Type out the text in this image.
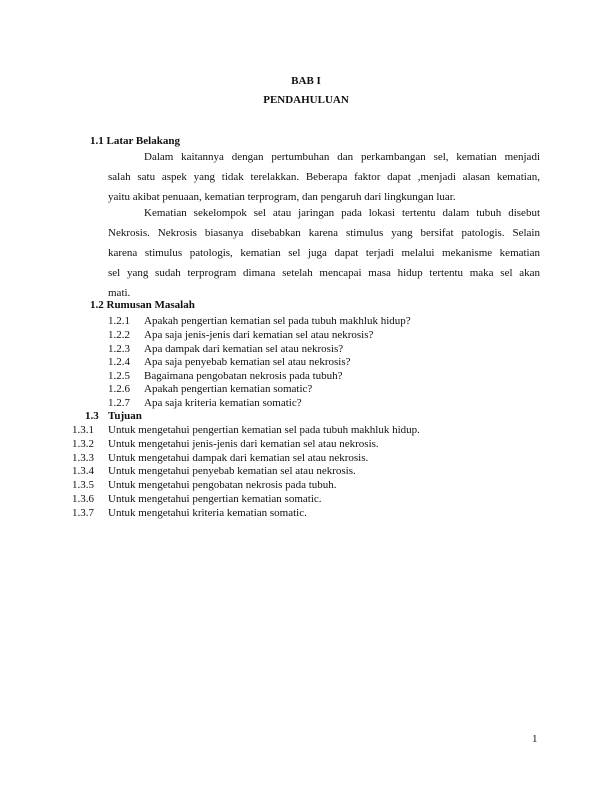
BAB I
PENDAHULUAN
1.1 Latar Belakang
Dalam kaitannya dengan pertumbuhan dan perkambangan sel, kematian menjadi
salah satu aspek yang tidak terelakkan. Beberapa faktor dapat ,menjadi alasan kematian,
yaitu akibat penuaan, kematian terprogram, dan pengaruh dari lingkungan luar.
Kematian sekelompok sel atau jaringan pada lokasi tertentu dalam tubuh disebut
Nekrosis. Nekrosis biasanya disebabkan karena stimulus yang bersifat patologis. Selain
karena stimulus patologis, kematian sel juga dapat terjadi melalui mekanisme kematian
sel yang sudah terprogram dimana setelah mencapai masa hidup tertentu maka sel akan
mati.
1.2 Rumusan Masalah
1.2.1 Apakah pengertian kematian sel pada tubuh makhluk hidup?
1.2.2 Apa saja jenis-jenis dari kematian sel atau nekrosis?
1.2.3 Apa dampak dari kematian sel atau nekrosis?
1.2.4 Apa saja penyebab kematian sel atau nekrosis?
1.2.5 Bagaimana pengobatan nekrosis pada tubuh?
1.2.6 Apakah pengertian kematian somatic?
1.2.7 Apa saja kriteria kematian somatic?
1.3 Tujuan
1.3.1 Untuk mengetahui pengertian kematian sel pada tubuh makhluk hidup.
1.3.2 Untuk mengetahui jenis-jenis dari kematian sel atau nekrosis.
1.3.3 Untuk mengetahui dampak dari kematian sel atau nekrosis.
1.3.4 Untuk mengetahui penyebab kematian sel atau nekrosis.
1.3.5 Untuk mengetahui pengobatan nekrosis pada tubuh.
1.3.6 Untuk mengetahui pengertian kematian somatic.
1.3.7 Untuk mengetahui kriteria kematian somatic.
1
